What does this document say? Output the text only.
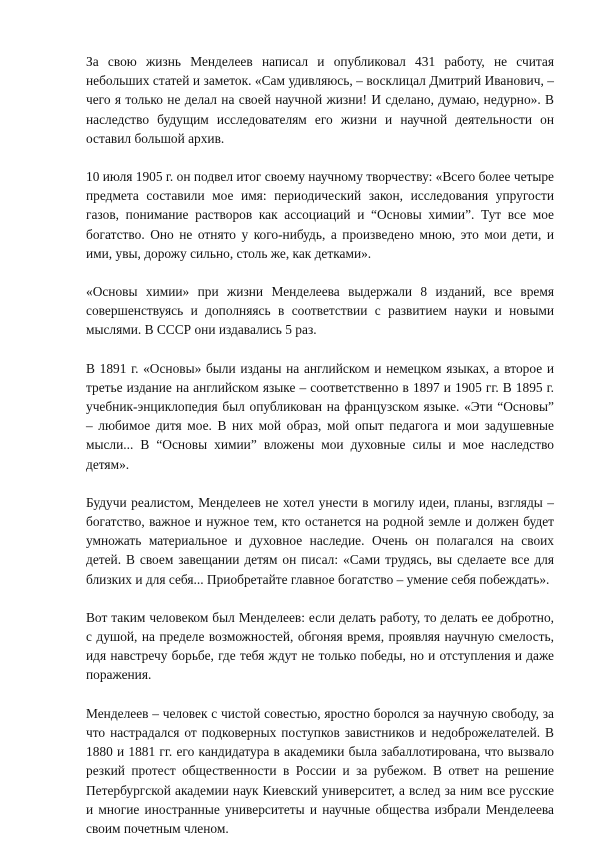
За свою жизнь Менделеев написал и опубликовал 431 работу, не считая небольших статей и заметок. «Сам удивляюсь, – восклицал Дмитрий Иванович, – чего я только не делал на своей научной жизни! И сделано, думаю, недурно». В наследство будущим исследователям его жизни и научной деятельности он оставил большой архив.

10 июля 1905 г. он подвел итог своему научному творчеству: «Всего более четыре предмета составили мое имя: периодический закон, исследования упругости газов, понимание растворов как ассоциаций и “Основы химии”. Тут все мое богатство. Оно не отнято у кого-нибудь, а произведено мною, это мои дети, и ими, увы, дорожу сильно, столь же, как детками».

«Основы химии» при жизни Менделеева выдержали 8 изданий, все время совершенствуясь и дополняясь в соответствии с развитием науки и новыми мыслями. В СССР они издавались 5 раз.

В 1891 г. «Основы» были изданы на английском и немецком языках, а второе и третье издание на английском языке – соответственно в 1897 и 1905 гг. В 1895 г. учебник-энциклопедия был опубликован на французском языке. «Эти “Основы” – любимое дитя мое. В них мой образ, мой опыт педагога и мои задушевные мысли... В “Основы химии” вложены мои духовные силы и мое наследство детям».

Будучи реалистом, Менделеев не хотел унести в могилу идеи, планы, взгляды – богатство, важное и нужное тем, кто останется на родной земле и должен будет умножать материальное и духовное наследие. Очень он полагался на своих детей. В своем завещании детям он писал: «Сами трудясь, вы сделаете все для близких и для себя... Приобретайте главное богатство – умение себя побеждать».

Вот таким человеком был Менделеев: если делать работу, то делать ее добротно, с душой, на пределе возможностей, обгоняя время, проявляя научную смелость, идя навстречу борьбе, где тебя ждут не только победы, но и отступления и даже поражения.

Менделеев – человек с чистой совестью, яростно боролся за научную свободу, за что настрадался от подковерных поступков завистников и недоброжелателей. В 1880 и 1881 гг. его кандидатура в академики была забаллотирована, что вызвало резкий протест общественности в России и за рубежом. В ответ на решение Петербургской академии наук Киевский университет, а вслед за ним все русские и многие иностранные университеты и научные общества избрали Менделеева своим почетным членом.
